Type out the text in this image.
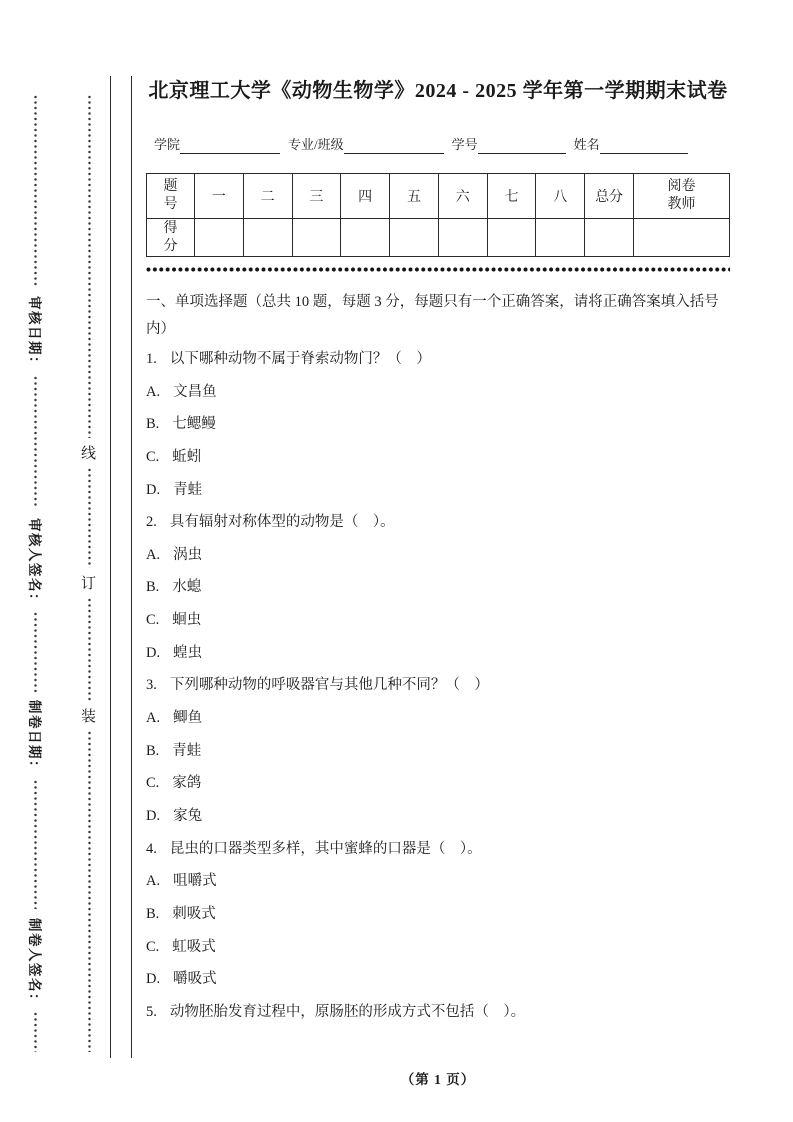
审核日期：
审核人签名：
制卷日期：
制卷人签名：
线
订
装
北京理工大学《动物生物学》2024 - 2025 学年第一学期期末试卷
学院	专业/班级	学号	姓名
题号	一	二	三	四	五	六	七	八	总分	阅卷教师

得分										

一、单项选择题（总共 10 题，每题 3 分，每题只有一个正确答案，请将正确答案填入括号内）
1. 以下哪种动物不属于脊索动物门？（　）
A. 文昌鱼
B. 七鳃鳗
C. 蚯蚓
D. 青蛙
2. 具有辐射对称体型的动物是（　）。
A. 涡虫
B. 水螅
C. 蛔虫
D. 蝗虫
3. 下列哪种动物的呼吸器官与其他几种不同？（　）
A. 鲫鱼
B. 青蛙
C. 家鸽
D. 家兔
4. 昆虫的口器类型多样，其中蜜蜂的口器是（　）。
A. 咀嚼式
B. 刺吸式
C. 虹吸式
D. 嚼吸式
5. 动物胚胎发育过程中，原肠胚的形成方式不包括（　）。
（第 1 页）
